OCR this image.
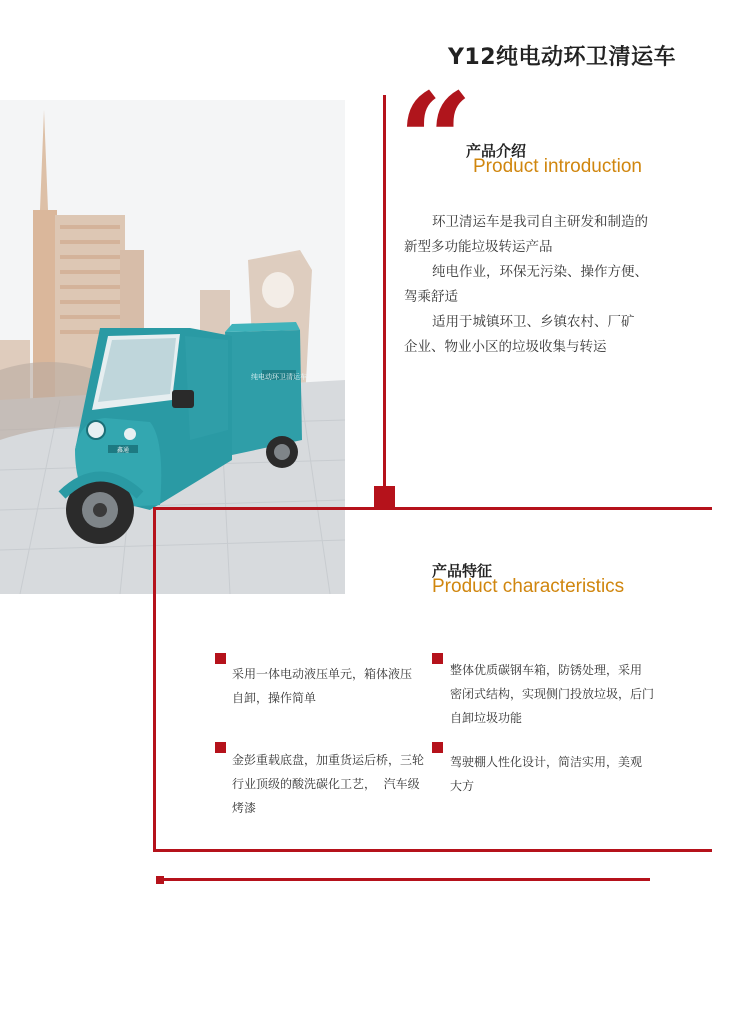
Y12纯电动环卫清运车
纯电动环卫清运车
鑫通
“
产品介绍
Product introduction

环卫清运车是我司自主研发和制造的

新型多功能垃圾转运产品

纯电作业，环保无污染、操作方便、

驾乘舒适

适用于城镇环卫、乡镇农村、厂矿

企业、物业小区的垃圾收集与转运

产品特征
Product characteristics
采用一体电动液压单元，箱体液压
自卸，操作简单
整体优质碳钢车箱，防锈处理，采用
密闭式结构，实现侧门投放垃圾，后门
自卸垃圾功能
金彭重载底盘，加重货运后桥，三轮
行业顶级的酸洗碳化工艺，  汽车级
烤漆
驾驶棚人性化设计，简洁实用，美观
大方
